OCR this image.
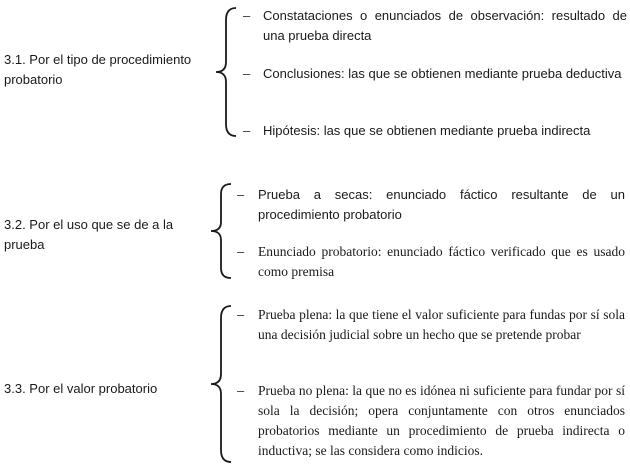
3.1. Por el tipo de procedimiento probatorio
– Constataciones o enunciados de observación: resultado de una prueba directa
– Conclusiones: las que se obtienen mediante prueba deductiva
– Hipótesis: las que se obtienen mediante prueba indirecta
3.2. Por el uso que se de a la prueba
– Prueba a secas: enunciado fáctico resultante de un procedimiento probatorio
– Enunciado probatorio: enunciado fáctico verificado que es usado como premisa
3.3. Por el valor probatorio
– Prueba plena: la que tiene el valor suficiente para fundas por sí sola una decisión judicial sobre un hecho que se pretende probar
– Prueba no plena: la que no es idónea ni suficiente para fundar por sí sola la decisión; opera conjuntamente con otros enunciados probatorios mediante un procedimiento de prueba indirecta o inductiva; se las considera como indicios.
